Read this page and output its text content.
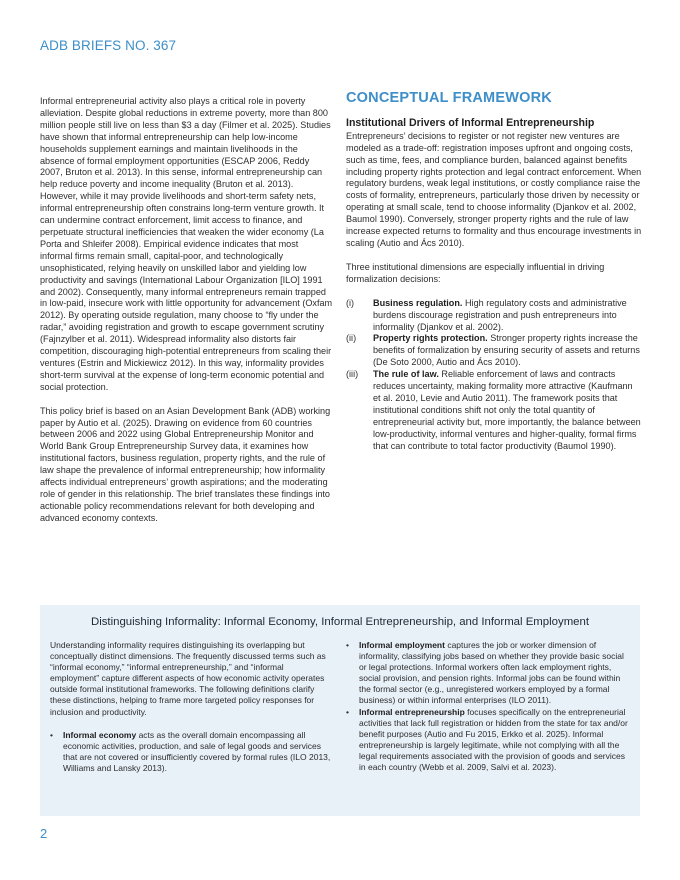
ADB BRIEFS NO. 367

Informal entrepreneurial activity also plays a critical role in poverty alleviation. Despite global reductions in extreme poverty, more than 800 million people still live on less than $3 a day (Filmer et al. 2025). Studies have shown that informal entrepreneurship can help low-income households supplement earnings and maintain livelihoods in the absence of formal employment opportunities (ESCAP 2006, Reddy 2007, Bruton et al. 2013). In this sense, informal entrepreneurship can help reduce poverty and income inequality (Bruton et al. 2013). However, while it may provide livelihoods and short-term safety nets, informal entrepreneurship often constrains long-term venture growth. It can undermine contract enforcement, limit access to finance, and perpetuate structural inefficiencies that weaken the wider economy (La Porta and Shleifer 2008). Empirical evidence indicates that most informal firms remain small, capital-poor, and technologically unsophisticated, relying heavily on unskilled labor and yielding low productivity and savings (International Labour Organization [ILO] 1991 and 2002). Consequently, many informal entrepreneurs remain trapped in low-paid, insecure work with little opportunity for advancement (Oxfam 2012). By operating outside regulation, many choose to “fly under the radar,” avoiding registration and growth to escape government scrutiny (Fajnzylber et al. 2011). Widespread informality also distorts fair competition, discouraging high-potential entrepreneurs from scaling their ventures (Estrin and Mickiewicz 2012). In this way, informality provides short-term survival at the expense of long-term economic potential and social protection.

This policy brief is based on an Asian Development Bank (ADB) working paper by Autio et al. (2025). Drawing on evidence from 60 countries between 2006 and 2022 using Global Entrepreneurship Monitor and World Bank Group Entrepreneurship Survey data, it examines how institutional factors, business regulation, property rights, and the rule of law shape the prevalence of informal entrepreneurship; how informality affects individual entrepreneurs’ growth aspirations; and the moderating role of gender in this relationship. The brief translates these findings into actionable policy recommendations relevant for both developing and advanced economy contexts.

CONCEPTUAL FRAMEWORK
Institutional Drivers of Informal Entrepreneurship

Entrepreneurs’ decisions to register or not register new ventures are modeled as a trade-off: registration imposes upfront and ongoing costs, such as time, fees, and compliance burden, balanced against benefits including property rights protection and legal contract enforcement. When regulatory burdens, weak legal institutions, or costly compliance raise the costs of formality, entrepreneurs, particularly those driven by necessity or operating at small scale, tend to choose informality (Djankov et al. 2002, Baumol 1990). Conversely, stronger property rights and the rule of law increase expected returns to formality and thus encourage investments in scaling (Autio and Ács 2010).

Three institutional dimensions are especially influential in driving formalization decisions:

(i)	Business regulation. High regulatory costs and administrative burdens discourage registration and push entrepreneurs into informality (Djankov et al. 2002).
(ii)	Property rights protection. Stronger property rights increase the benefits of formalization by ensuring security of assets and returns (De Soto 2000, Autio and Ács 2010).
(iii)	The rule of law. Reliable enforcement of laws and contracts reduces uncertainty, making formality more attractive (Kaufmann et al. 2010, Levie and Autio 2011). The framework posits that institutional conditions shift not only the total quantity of entrepreneurial activity but, more importantly, the balance between low-productivity, informal ventures and higher-quality, formal firms that can contribute to total factor productivity (Baumol 1990).
Distinguishing Informality: Informal Economy, Informal Entrepreneurship, and Informal Employment

Understanding informality requires distinguishing its overlapping but conceptually distinct dimensions. The frequently discussed terms such as “informal economy,” “informal entrepreneurship,” and “informal employment” capture different aspects of how economic activity operates outside formal institutional frameworks. The following definitions clarify these distinctions, helping to frame more targeted policy responses for inclusion and productivity.

•	Informal economy acts as the overall domain encompassing all economic activities, production, and sale of legal goods and services that are not covered or insufficiently covered by formal rules (ILO 2013, Williams and Lansky 2013).
•	Informal employment captures the job or worker dimension of informality, classifying jobs based on whether they provide basic social or legal protections. Informal workers often lack employment rights, social provision, and pension rights. Informal jobs can be found within the formal sector (e.g., unregistered workers employed by a formal business) or within informal enterprises (ILO 2011).
•	Informal entrepreneurship focuses specifically on the entrepreneurial activities that lack full registration or hidden from the state for tax and/or benefit purposes (Autio and Fu 2015, Erkko et al. 2025). Informal entrepreneurship is largely legitimate, while not complying with all the legal requirements associated with the provision of goods and services in each country (Webb et al. 2009, Salvi et al. 2023).
2
